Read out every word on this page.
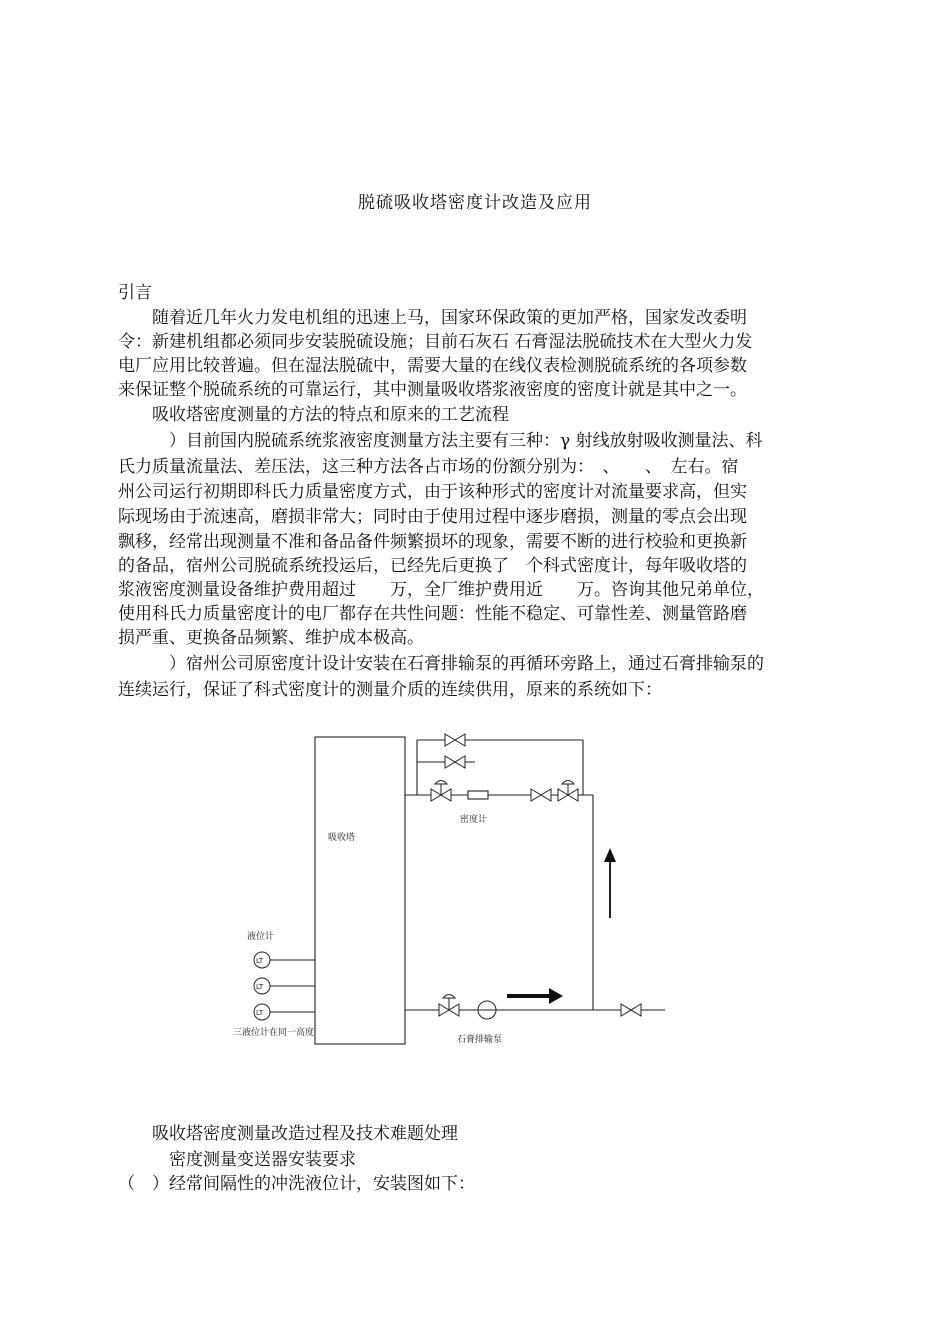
脱硫吸收塔密度计改造及应用
引言
　　随着近几年火力发电机组的迅速上马，国家环保政策的更加严格，国家发改委明
令：新建机组都必须同步安装脱硫设施；目前石灰石 石膏湿法脱硫技术在大型火力发
电厂应用比较普遍。但在湿法脱硫中，需要大量的在线仪表检测脱硫系统的各项参数
来保证整个脱硫系统的可靠运行，其中测量吸收塔浆液密度的密度计就是其中之一。
　　吸收塔密度测量的方法的特点和原来的工艺流程
　　　）目前国内脱硫系统浆液密度测量方法主要有三种：γ 射线放射吸收测量法、科
氏力质量流量法、差压法，这三种方法各占市场的份额分别为：　、　　、　左右。宿
州公司运行初期即科氏力质量密度方式，由于该种形式的密度计对流量要求高，但实
际现场由于流速高，磨损非常大；同时由于使用过程中逐步磨损，测量的零点会出现
飘移，经常出现测量不准和备品备件频繁损坏的现象，需要不断的进行校验和更换新
的备品，宿州公司脱硫系统投运后，已经先后更换了　个科式密度计，每年吸收塔的
浆液密度测量设备维护费用超过　　万，全厂维护费用近　　万。咨询其他兄弟单位，
使用科氏力质量密度计的电厂都存在共性问题：性能不稳定、可靠性差、测量管路磨
损严重、更换备品频繁、维护成本极高。
　　　）宿州公司原密度计设计安装在石膏排输泵的再循环旁路上，通过石膏排输泵的
连续运行，保证了科式密度计的测量介质的连续供用，原来的系统如下：
吸收塔
密度计
液位计
LT
LT
LT
三液位计在同一高度
石膏排输泵
　　吸收塔密度测量改造过程及技术难题处理
　　　密度测量变送器安装要求
（　）经常间隔性的冲洗液位计，安装图如下：
